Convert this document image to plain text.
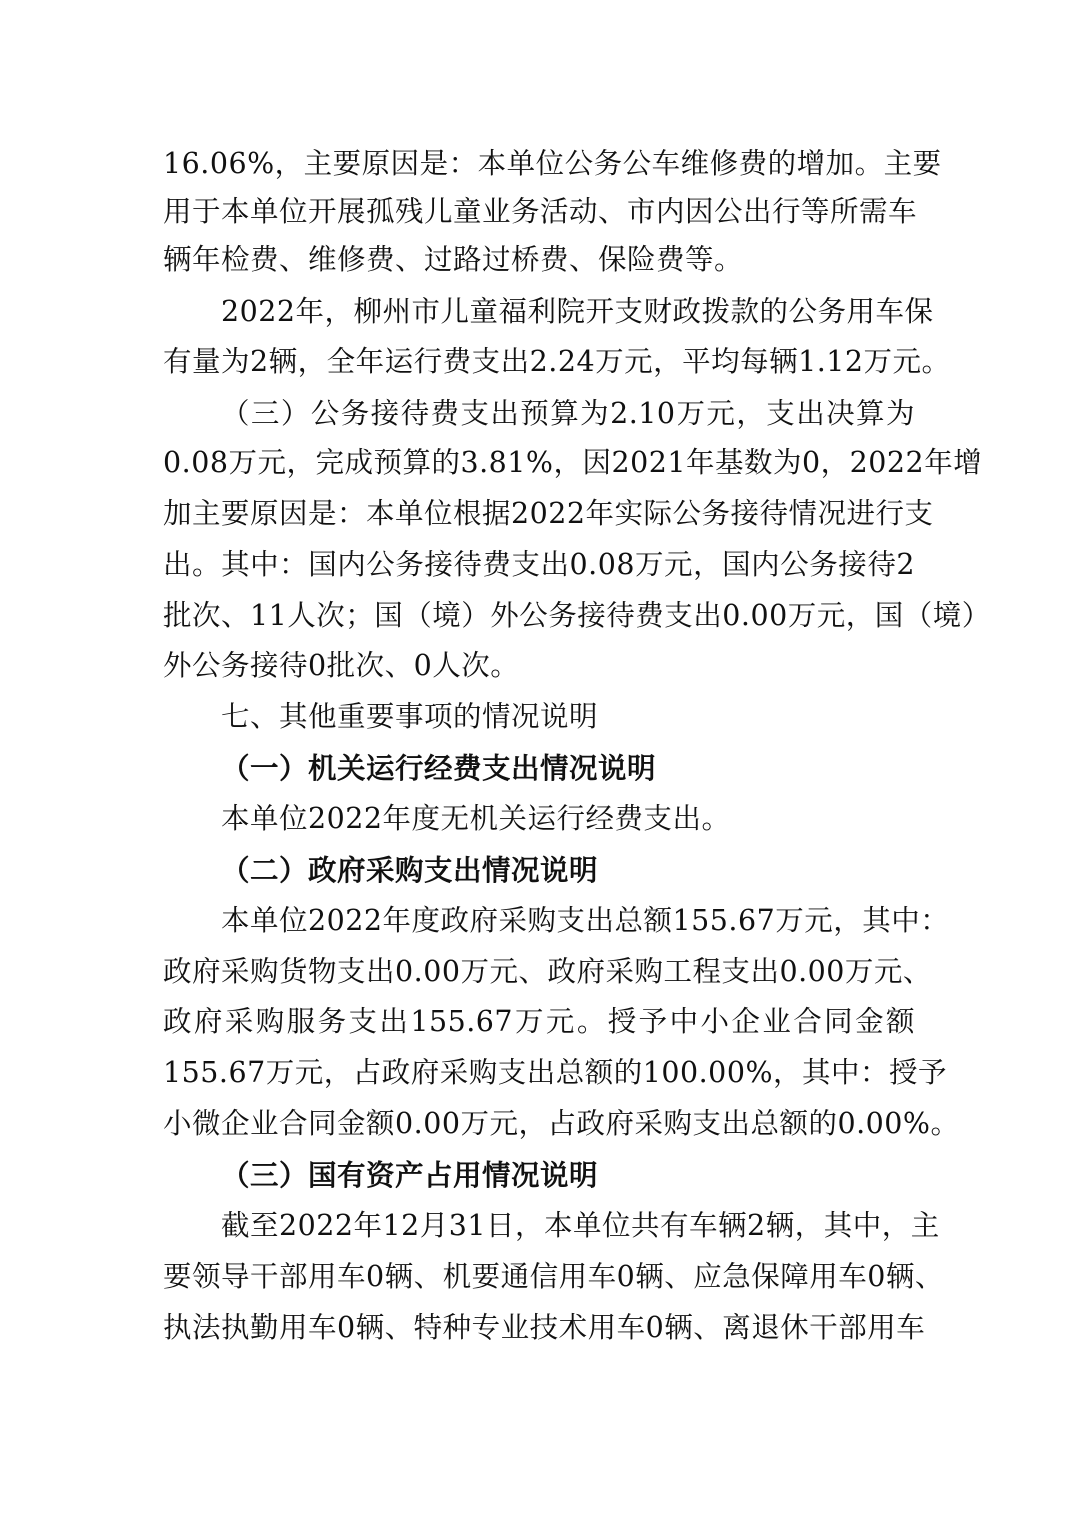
16.06%，主要原因是：本单位公务公车维修费的增加。主要
用于本单位开展孤残儿童业务活动、市内因公出行等所需车
辆年检费、维修费、过路过桥费、保险费等。
2022年，柳州市儿童福利院开支财政拨款的公务用车保
有量为2辆，全年运行费支出2.24万元，平均每辆1.12万元。
（三）公务接待费支出预算为2.10万元，支出决算为
0.08万元，完成预算的3.81%，因2021年基数为0，2022年增
加主要原因是：本单位根据2022年实际公务接待情况进行支
出。其中：国内公务接待费支出0.08万元，国内公务接待2
批次、11人次；国（境）外公务接待费支出0.00万元，国（境）
外公务接待0批次、0人次。
七、其他重要事项的情况说明
（一）机关运行经费支出情况说明
本单位2022年度无机关运行经费支出。
（二）政府采购支出情况说明
本单位2022年度政府采购支出总额155.67万元，其中：
政府采购货物支出0.00万元、政府采购工程支出0.00万元、
政府采购服务支出155.67万元。授予中小企业合同金额
155.67万元，占政府采购支出总额的100.00%，其中：授予
小微企业合同金额0.00万元，占政府采购支出总额的0.00%。
（三）国有资产占用情况说明
截至2022年12月31日，本单位共有车辆2辆，其中，主
要领导干部用车0辆、机要通信用车0辆、应急保障用车0辆、
执法执勤用车0辆、特种专业技术用车0辆、离退休干部用车
